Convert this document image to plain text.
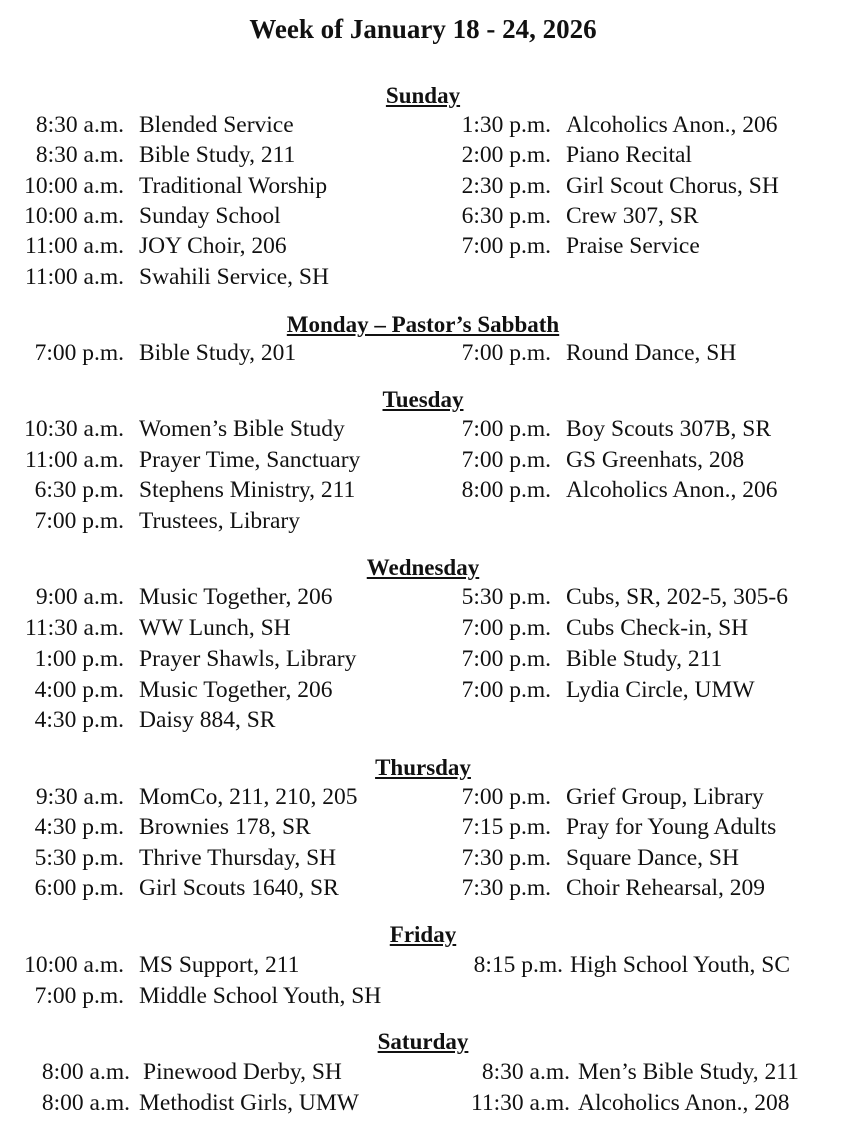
Week of January 18 - 24, 2026
Sunday
8:30 a.m. Blended Service	1:30 p.m. Alcoholics Anon., 206
8:30 a.m. Bible Study, 211	2:00 p.m. Piano Recital
10:00 a.m. Traditional Worship	2:30 p.m. Girl Scout Chorus, SH
10:00 a.m. Sunday School	6:30 p.m. Crew 307, SR
11:00 a.m. JOY Choir, 206	7:00 p.m. Praise Service
11:00 a.m. Swahili Service, SH
Monday – Pastor’s Sabbath
7:00 p.m. Bible Study, 201	7:00 p.m. Round Dance, SH
Tuesday
10:30 a.m. Women’s Bible Study	7:00 p.m. Boy Scouts 307B, SR
11:00 a.m. Prayer Time, Sanctuary	7:00 p.m. GS Greenhats, 208
6:30 p.m. Stephens Ministry, 211	8:00 p.m. Alcoholics Anon., 206
7:00 p.m. Trustees, Library
Wednesday
9:00 a.m. Music Together, 206	5:30 p.m. Cubs, SR, 202-5, 305-6
11:30 a.m. WW Lunch, SH	7:00 p.m. Cubs Check-in, SH
1:00 p.m. Prayer Shawls, Library	7:00 p.m. Bible Study, 211
4:00 p.m. Music Together, 206	7:00 p.m. Lydia Circle, UMW
4:30 p.m. Daisy 884, SR
Thursday
9:30 a.m. MomCo, 211, 210, 205	7:00 p.m. Grief Group, Library
4:30 p.m. Brownies 178, SR	7:15 p.m. Pray for Young Adults
5:30 p.m. Thrive Thursday, SH	7:30 p.m. Square Dance, SH
6:00 p.m. Girl Scouts 1640, SR	7:30 p.m. Choir Rehearsal, 209
Friday
10:00 a.m. MS Support, 211	8:15 p.m. High School Youth, SC
7:00 p.m. Middle School Youth, SH
Saturday
8:00 a.m. Pinewood Derby, SH	8:30 a.m. Men’s Bible Study, 211
8:00 a.m. Methodist Girls, UMW	11:30 a.m. Alcoholics Anon., 208
